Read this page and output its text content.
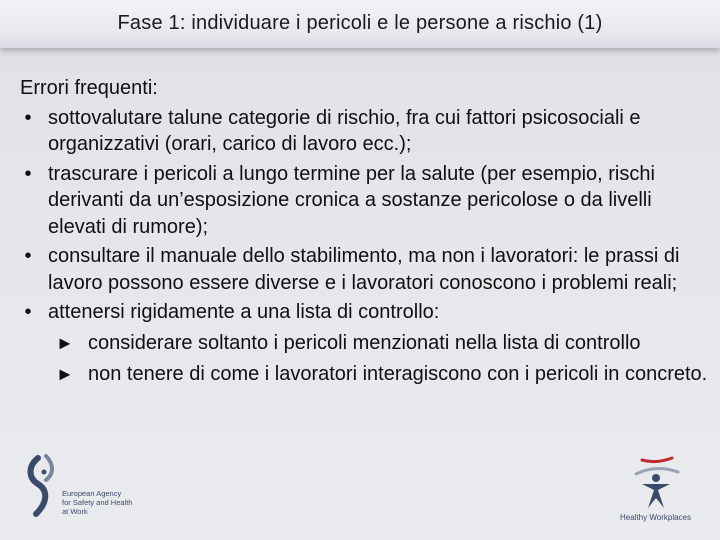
Fase 1: individuare i pericoli e le persone a rischio (1)
Errori frequenti:
• sottovalutare talune categorie di rischio, fra cui fattori psicosociali e organizzativi (orari, carico di lavoro ecc.);
• trascurare i pericoli a lungo termine per la salute (per esempio, rischi derivanti da un’esposizione cronica a sostanze pericolose o da livelli elevati di rumore);
• consultare il manuale dello stabilimento, ma non i lavoratori: le prassi di lavoro possono essere diverse e i lavoratori conoscono i problemi reali;
• attenersi rigidamente a una lista di controllo:
► considerare soltanto i pericoli menzionati nella lista di controllo
► non tenere di come i lavoratori interagiscono con i pericoli in concreto.
European Agency
for Safety and Health
at Work
Healthy Workplaces
